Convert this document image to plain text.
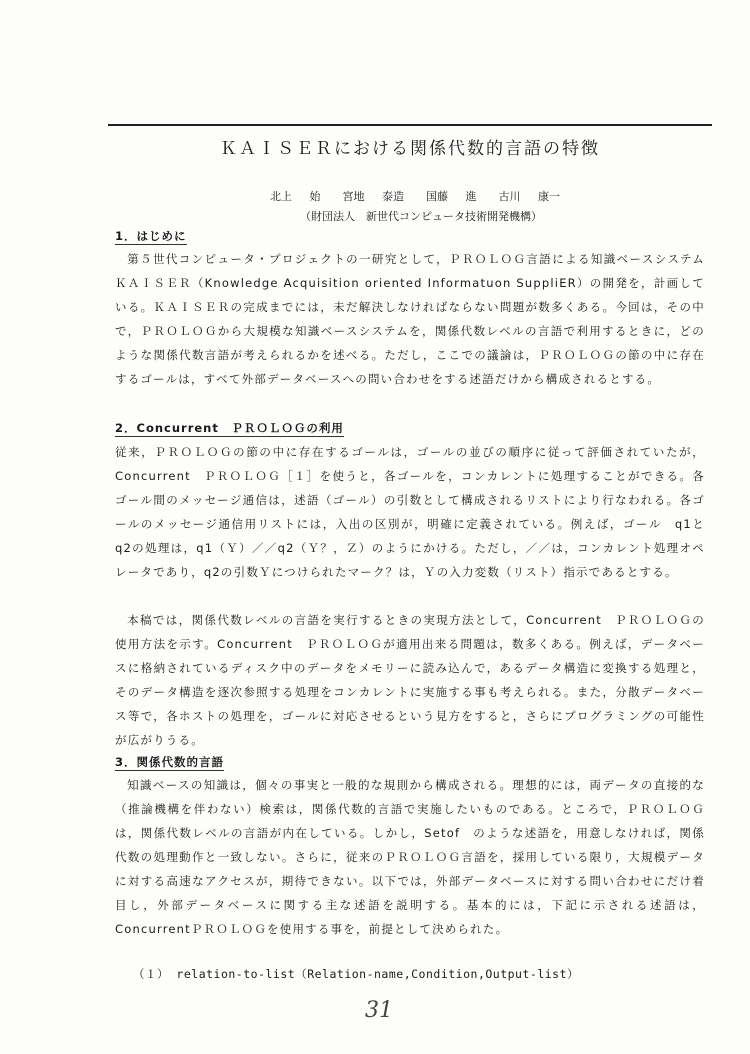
ＫＡＩＳＥＲにおける関係代数的言語の特徴
北上 始　　宮地 泰造　　国藤 進　　古川 康一
（財団法人　新世代コンピュータ技術開発機構）
1．はじめに

第５世代コンピュータ・プロジェクトの一研究として，ＰＲＯＬＯＧ言語による知識ベースシステムＫＡＩＳＥＲ（Knowledge Acquisition oriented Informatuon SuppliER）の開発を，計画している。ＫＡＩＳＥＲの完成までには，未だ解決しなければならない問題が数多くある。今回は，その中で，ＰＲＯＬＯＧから大規模な知識ベースシステムを，関係代数レベルの言語で利用するときに，どのような関係代数言語が考えられるかを述べる。ただし，ここでの議論は，ＰＲＯＬＯＧの節の中に存在するゴールは，すべて外部データベースへの問い合わせをする述語だけから構成されるとする。

2．Concurrent　ＰＲＯＬＯＧの利用

従来，ＰＲＯＬＯＧの節の中に存在するゴールは，ゴールの並びの順序に従って評価されていたが，Concurrent　ＰＲＯＬＯＧ［１］を使うと，各ゴールを，コンカレントに処理することができる。各ゴール間のメッセージ通信は，述語（ゴール）の引数として構成されるリストにより行なわれる。各ゴールのメッセージ通信用リストには，入出の区別が，明確に定義されている。例えば，ゴール　q1と　q2の処理は，q1（Ｙ）／／q2（Ｙ？，Ｚ）のようにかける。ただし，／／は，コンカレント処理オペレータであり，q2の引数Ｙにつけられたマーク？は，Ｙの入力変数（リスト）指示であるとする。

本稿では，関係代数レベルの言語を実行するときの実現方法として，Concurrent　ＰＲＯＬＯＧの使用方法を示す。Concurrent　ＰＲＯＬＯＧが適用出来る問題は，数多くある。例えば，データベースに格納されているディスク中のデータをメモリーに読み込んで，あるデータ構造に変換する処理と，そのデータ構造を逐次参照する処理をコンカレントに実施する事も考えられる。また，分散データベース等で，各ホストの処理を，ゴールに対応させるという見方をすると，さらにプログラミングの可能性が広がりうる。

3．関係代数的言語

知識ベースの知識は，個々の事実と一般的な規則から構成される。理想的には，両データの直接的な（推論機構を伴わない）検索は，関係代数的言語で実施したいものである。ところで，ＰＲＯＬＯＧは，関係代数レベルの言語が内在している。しかし，Setof　のような述語を，用意しなければ，関係代数の処理動作と一致しない。さらに，従来のＰＲＯＬＯＧ言語を，採用している限り，大規模データに対する高速なアクセスが，期待できない。以下では，外部データベースに対する問い合わせにだけ着目し，外部データベースに関する主な述語を説明する。基本的には，下記に示される述語は，ConcurrentＰＲＯＬＯＧを使用する事を，前提として決められた。

（１） relation-to-list（Relation-name,Condition,Output-list）
31
